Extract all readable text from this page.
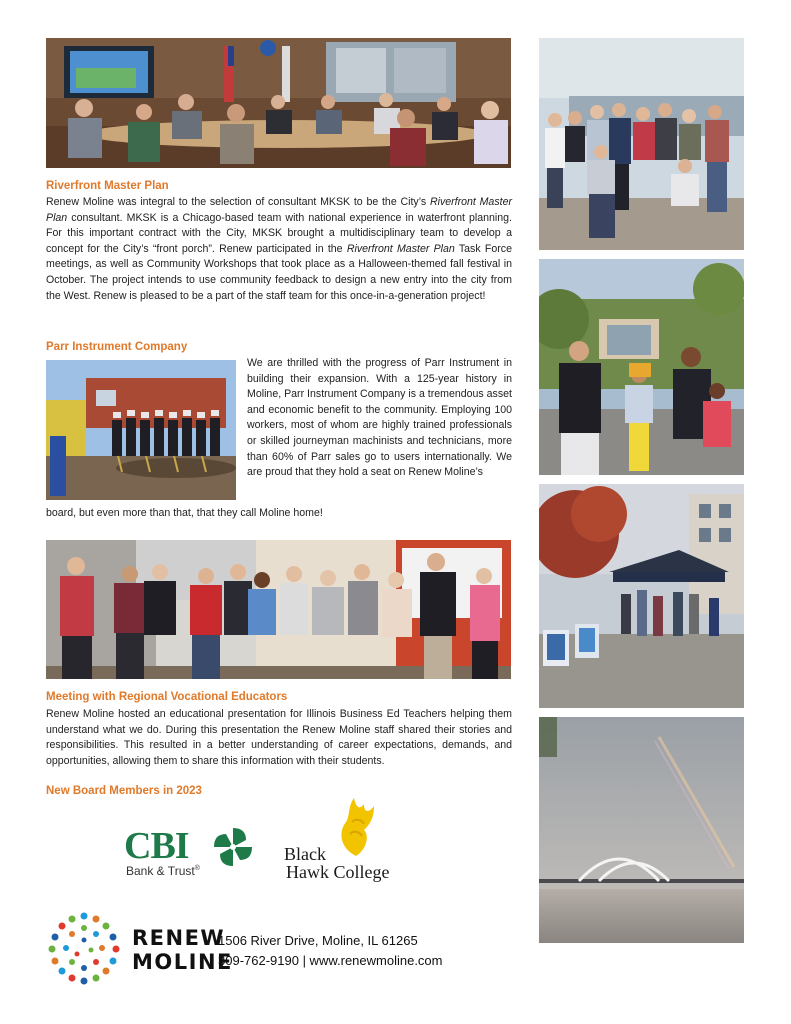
Riverfront Master Plan

Renew Moline was integral to the selection of consultant MKSK to be the City’s Riverfront Master Plan consultant. MKSK is a Chicago-based team with national experience in waterfront planning. For this important contract with the City, MKSK brought a multidisciplinary team to develop a concept for the City’s “front porch”. Renew participated in the Riverfront Master Plan Task Force meetings, as well as Community Workshops that took place as a Halloween-themed fall festival in October. The project intends to use community feedback to design a new entry into the city from the West. Renew is pleased to be a part of the staff team for this once-in-a-generation project!

Parr Instrument Company

We are thrilled with the progress of Parr Instrument in building their expansion. With a 125-year history in Moline, Parr Instrument Company is a tremendous asset and economic benefit to the community. Employing 100 workers, most of whom are highly trained professionals or skilled journeyman machinists and technicians, more than 60% of Parr sales go to users internationally. We are proud that they hold a seat on Renew Moline’s

board, but even more than that, that they call Moline home!

Meeting with Regional Vocational Educators

Renew Moline hosted an educational presentation for Illinois Business Ed Teachers helping them understand what we do. During this presentation the Renew Moline staff shared their stories and responsibilities. This resulted in a better understanding of career expectations, demands, and opportunities, allowing them to share this information with their students.

New Board Members in 2023
CBI
Bank & Trust®
Black
Hawk College
RENEW
MOLINE
1506 River Drive, Moline, IL 61265
309-762-9190 | www.renewmoline.com
